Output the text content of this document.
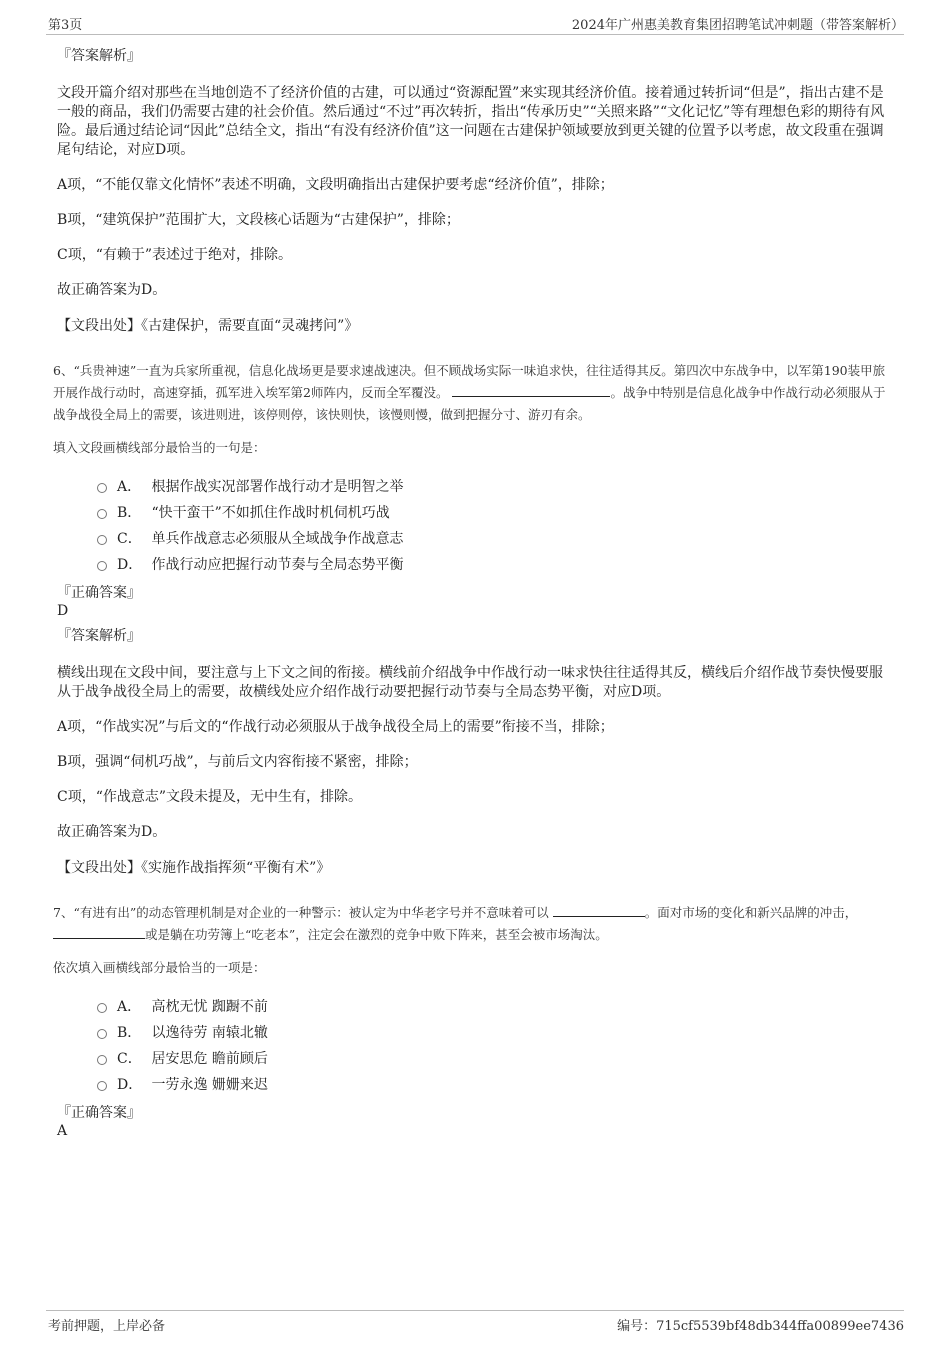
第3页	2024年广州惠美教育集团招聘笔试冲刺题（带答案解析）
『答案解析』
文段开篇介绍对那些在当地创造不了经济价值的古建，可以通过“资源配置”来实现其经济价值。接着通过转折词“但是”，指出古建不是一般的商品，我们仍需要古建的社会价值。然后通过“不过”再次转折，指出“传承历史”“关照来路”“文化记忆”等有理想色彩的期待有风险。最后通过结论词“因此”总结全文，指出“有没有经济价值”这一问题在古建保护领域要放到更关键的位置予以考虑，故文段重在强调尾句结论，对应D项。
A项，“不能仅靠文化情怀”表述不明确，文段明确指出古建保护要考虑“经济价值”，排除；
B项，“建筑保护”范围扩大，文段核心话题为“古建保护”，排除；
C项，“有赖于”表述过于绝对，排除。
故正确答案为D。
【文段出处】《古建保护，需要直面“灵魂拷问”》
6、“兵贵神速”一直为兵家所重视，信息化战场更是要求速战速决。但不顾战场实际一味追求快，往往适得其反。第四次中东战争中，以军第190装甲旅开展作战行动时，高速穿插，孤军进入埃军第2师阵内，反而全军覆没。	。战争中特别是信息化战争中作战行动必须服从于战争战役全局上的需要，该进则进，该停则停，该快则快，该慢则慢，做到把握分寸、游刃有余。
填入文段画横线部分最恰当的一句是：
A． 根据作战实况部署作战行动才是明智之举
B． “快干蛮干”不如抓住作战时机伺机巧战
C． 单兵作战意志必须服从全域战争作战意志
D． 作战行动应把握行动节奏与全局态势平衡
『正确答案』
D
『答案解析』
横线出现在文段中间，要注意与上下文之间的衔接。横线前介绍战争中作战行动一味求快往往适得其反，横线后介绍作战节奏快慢要服从于战争战役全局上的需要，故横线处应介绍作战行动要把握行动节奏与全局态势平衡，对应D项。
A项，“作战实况”与后文的“作战行动必须服从于战争战役全局上的需要”衔接不当，排除；
B项，强调“伺机巧战”，与前后文内容衔接不紧密，排除；
C项，“作战意志”文段未提及，无中生有，排除。
故正确答案为D。
【文段出处】《实施作战指挥须“平衡有术”》
7、“有进有出”的动态管理机制是对企业的一种警示：被认定为中华老字号并不意味着可以	。面对市场的变化和新兴品牌的冲击， 或是躺在功劳簿上“吃老本”，注定会在激烈的竞争中败下阵来，甚至会被市场淘汰。
依次填入画横线部分最恰当的一项是：
A． 高枕无忧 踟蹰不前
B． 以逸待劳 南辕北辙
C． 居安思危 瞻前顾后
D． 一劳永逸 姗姗来迟
『正确答案』
A
考前押题，上岸必备	编号：715cf5539bf48db344ffa00899ee7436
